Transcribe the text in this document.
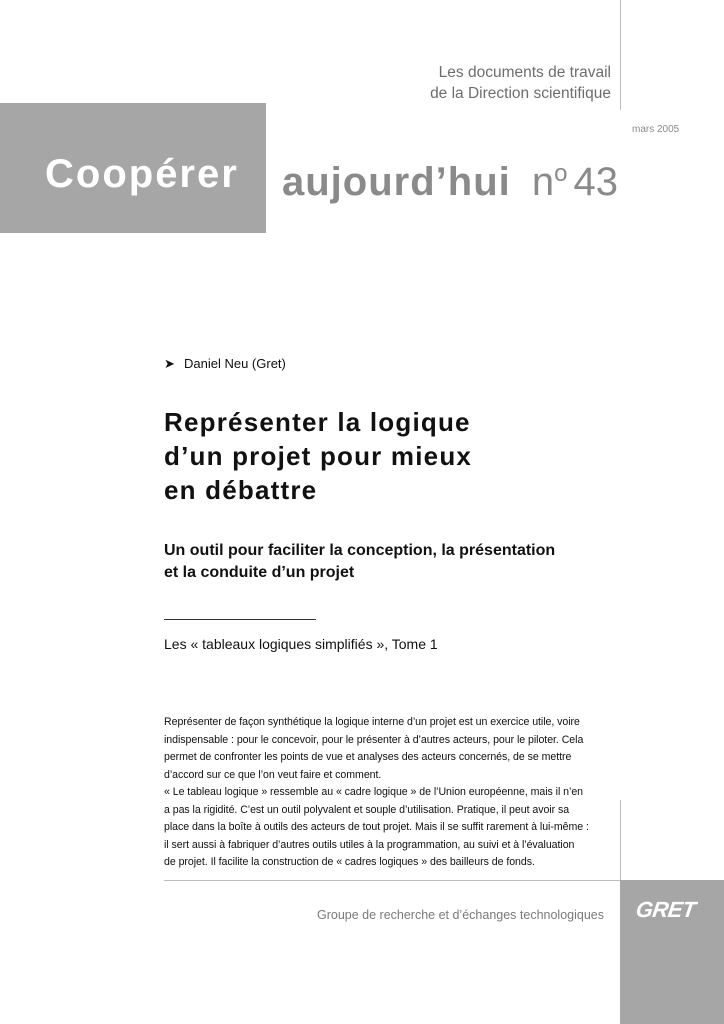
Les documents de travail
de la Direction scientifique
mars 2005
Coopérer aujourd’hui $n^o$ 43
➤ Daniel Neu (Gret)
Représenter la logique
d’un projet pour mieux
en débattre
Un outil pour faciliter la conception, la présentation
et la conduite d’un projet
Les « tableaux logiques simplifiés », Tome 1

Représenter de façon synthétique la logique interne d’un projet est un exercice utile, voire
indispensable : pour le concevoir, pour le présenter à d’autres acteurs, pour le piloter. Cela
permet de confronter les points de vue et analyses des acteurs concernés, de se mettre
d’accord sur ce que l’on veut faire et comment.

« Le tableau logique » ressemble au « cadre logique » de l’Union européenne, mais il n’en
a pas la rigidité. C’est un outil polyvalent et souple d’utilisation. Pratique, il peut avoir sa
place dans la boîte à outils des acteurs de tout projet. Mais il se suffit rarement à lui-même :
il sert aussi à fabriquer d’autres outils utiles à la programmation, au suivi et à l’évaluation
de projet. Il facilite la construction de « cadres logiques » des bailleurs de fonds.

Groupe de recherche et d’échanges technologiques GRET
